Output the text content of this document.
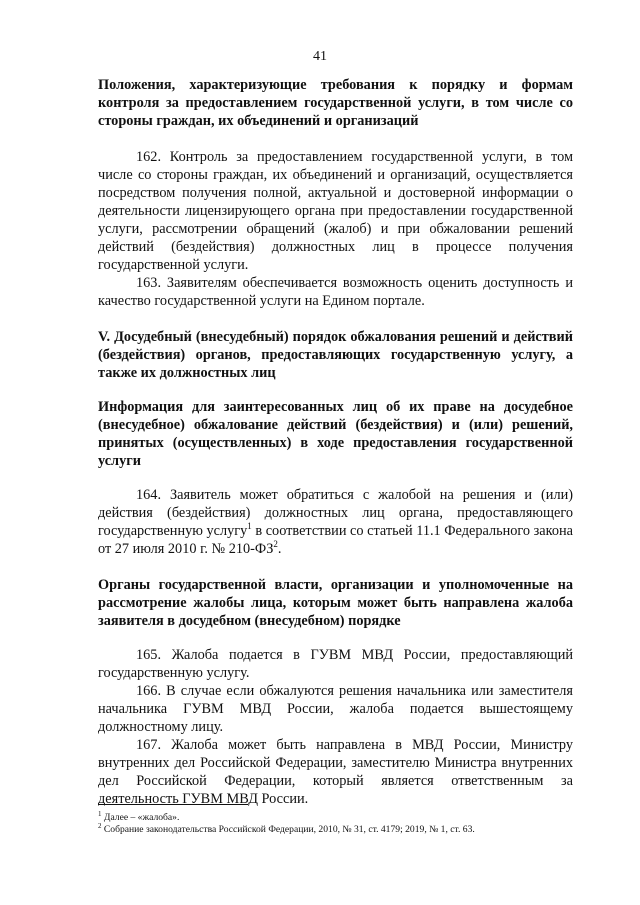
41

Положения, характеризующие требования к порядку и формам контроля за предоставлением государственной услуги, в том числе со стороны граждан, их объединений и организаций

162. Контроль за предоставлением государственной услуги, в том числе со стороны граждан, их объединений и организаций, осуществляется посредством получения полной, актуальной и достоверной информации о деятельности лицензирующего органа при предоставлении государственной услуги, рассмотрении обращений (жалоб) и при обжаловании решений действий (бездействия) должностных лиц в процессе получения государственной услуги.

163. Заявителям обеспечивается возможность оценить доступность и качество государственной услуги на Едином портале.

V. Досудебный (внесудебный) порядок обжалования решений и действий (бездействия) органов, предоставляющих государственную услугу, а также их должностных лиц

Информация для заинтересованных лиц об их праве на досудебное (внесудебное) обжалование действий (бездействия) и (или) решений, принятых (осуществленных) в ходе предоставления государственной услуги

164. Заявитель может обратиться с жалобой на решения и (или) действия (бездействия) должностных лиц органа, предоставляющего государственную услугу$^1$ в соответствии со статьей 11.1 Федерального закона от 27 июля 2010 г. № $210-ФЗ^2$.

Органы государственной власти, организации и уполномоченные на рассмотрение жалобы лица, которым может быть направлена жалоба заявителя в досудебном (внесудебном) порядке

165. Жалоба подается в ГУВМ МВД России, предоставляющий государственную услугу.

166. В случае если обжалуются решения начальника или заместителя начальника ГУВМ МВД России, жалоба подается вышестоящему должностному лицу.

167. Жалоба может быть направлена в МВД России, Министру внутренних дел Российской Федерации, заместителю Министра внутренних дел Российской Федерации, который является ответственным за деятельность ГУВМ МВД России.

$^1$ Далее – «жалоба».
$^2$ Собрание законодательства Российской Федерации, 2010, № 31, ст. 4179; 2019, № 1, ст. 63.
